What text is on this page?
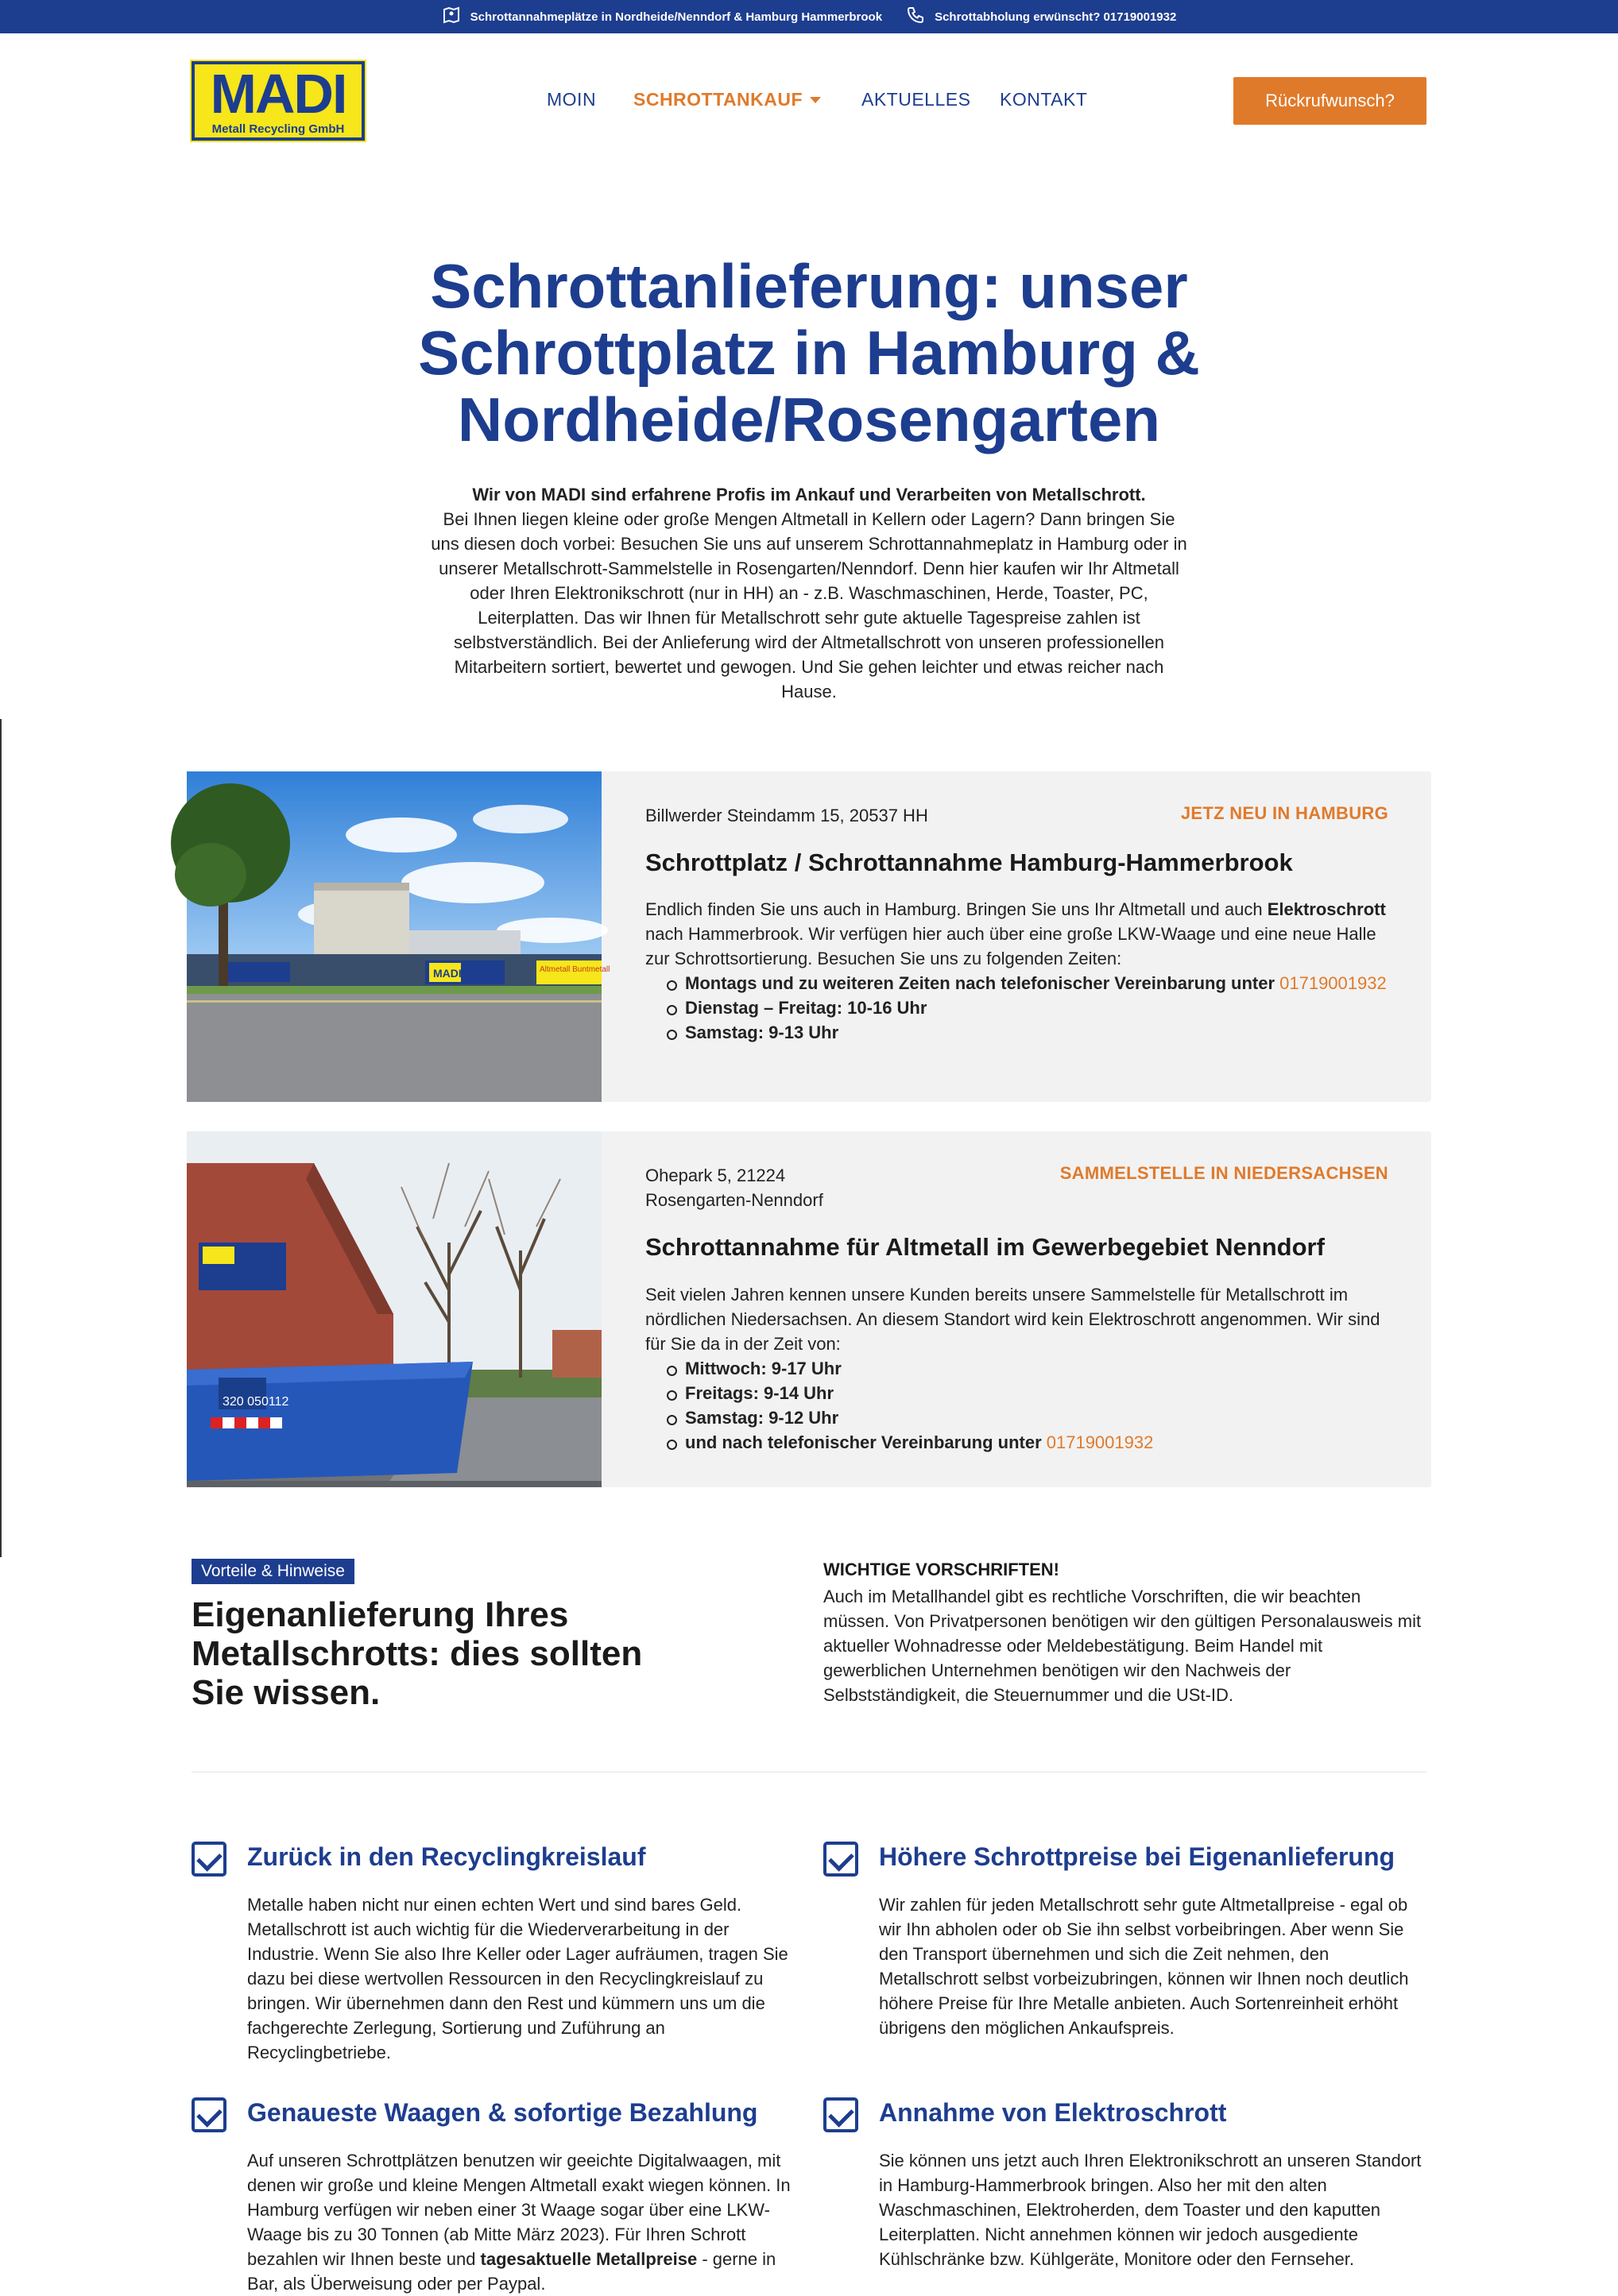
Schrottannahmeplätze in Nordheide/Nenndorf & Hamburg Hammerbrook	Schrottabholung erwünscht? 01719001932
MADI
Metall Recycling GmbH
MOIN SCHROTTANKAUF	AKTUELLES KONTAKT	Rückrufwunsch?
Schrottanlieferung: unser Schrottplatz in Hamburg & Nordheide/Rosengarten
Wir von MADI sind erfahrene Profis im Ankauf und Verarbeiten von Metallschrott.
Bei Ihnen liegen kleine oder große Mengen Altmetall in Kellern oder Lagern? Dann bringen Sie uns diesen doch vorbei: Besuchen Sie uns auf unserem Schrottannahmeplatz in Hamburg oder in unserer Metallschrott-Sammelstelle in Rosengarten/Nenndorf. Denn hier kaufen wir Ihr Altmetall oder Ihren Elektronikschrott (nur in HH) an - z.B. Waschmaschinen, Herde, Toaster, PC, Leiterplatten. Das wir Ihnen für Metallschrott sehr gute aktuelle Tagespreise zahlen ist selbstverständlich. Bei der Anlieferung wird der Altmetallschrott von unseren professionellen Mitarbeitern sortiert, bewertet und gewogen. Und Sie gehen leichter und etwas reicher nach Hause.
MADI	Altmetall Buntmetall
Billwerder Steindamm 15, 20537 HH	JETZ NEU IN HAMBURG
Schrottplatz / Schrottannahme Hamburg-Hammerbrook
Endlich finden Sie uns auch in Hamburg. Bringen Sie uns Ihr Altmetall und auch Elektroschrott nach Hammerbrook. Wir verfügen hier auch über eine große LKW-Waage und eine neue Halle zur Schrottsortierung. Besuchen Sie uns zu folgenden Zeiten:
Montags und zu weiteren Zeiten nach telefonischer Vereinbarung unter 01719001932
Dienstag – Freitag: 10-16 Uhr
Samstag: 9-13 Uhr
320 050112
Ohepark 5, 21224
Rosengarten-Nenndorf
SAMMELSTELLE IN NIEDERSACHSEN
Schrottannahme für Altmetall im Gewerbegebiet Nenndorf
Seit vielen Jahren kennen unsere Kunden bereits unsere Sammelstelle für Metallschrott im nördlichen Niedersachsen. An diesem Standort wird kein Elektroschrott angenommen. Wir sind für Sie da in der Zeit von:
Mittwoch: 9-17 Uhr
Freitags: 9-14 Uhr
Samstag: 9-12 Uhr
und nach telefonischer Vereinbarung unter 01719001932
Vorteile & Hinweise
Eigenanlieferung Ihres Metallschrotts: dies sollten Sie wissen.
WICHTIGE VORSCHRIFTEN!
Auch im Metallhandel gibt es rechtliche Vorschriften, die wir beachten müssen. Von Privatpersonen benötigen wir den gültigen Personalausweis mit aktueller Wohnadresse oder Meldebestätigung. Beim Handel mit gewerblichen Unternehmen benötigen wir den Nachweis der Selbstständigkeit, die Steuernummer und die USt-ID.
Zurück in den Recyclingkreislauf

Metalle haben nicht nur einen echten Wert und sind bares Geld. Metallschrott ist auch wichtig für die Wiederverarbeitung in der Industrie. Wenn Sie also Ihre Keller oder Lager aufräumen, tragen Sie dazu bei diese wertvollen Ressourcen in den Recyclingkreislauf zu bringen. Wir übernehmen dann den Rest und kümmern uns um die fachgerechte Zerlegung, Sortierung und Zuführung an Recyclingbetriebe.

Höhere Schrottpreise bei Eigenanlieferung

Wir zahlen für jeden Metallschrott sehr gute Altmetallpreise - egal ob wir Ihn abholen oder ob Sie ihn selbst vorbeibringen. Aber wenn Sie den Transport übernehmen und sich die Zeit nehmen, den Metallschrott selbst vorbeizubringen, können wir Ihnen noch deutlich höhere Preise für Ihre Metalle anbieten. Auch Sortenreinheit erhöht übrigens den möglichen Ankaufspreis.

Genaueste Waagen & sofortige Bezahlung

Auf unseren Schrottplätzen benutzen wir geeichte Digitalwaagen, mit denen wir große und kleine Mengen Altmetall exakt wiegen können. In Hamburg verfügen wir neben einer 3t Waage sogar über eine LKW-Waage bis zu 30 Tonnen (ab Mitte März 2023). Für Ihren Schrott bezahlen wir Ihnen beste und tagesaktuelle Metallpreise - gerne in Bar, als Überweisung oder per Paypal.

Annahme von Elektroschrott

Sie können uns jetzt auch Ihren Elektronikschrott an unseren Standort in Hamburg-Hammerbrook bringen. Also her mit den alten Waschmaschinen, Elektroherden, dem Toaster und den kaputten Leiterplatten. Nicht annehmen können wir jedoch ausgediente Kühlschränke bzw. Kühlgeräte, Monitore oder den Fernseher.
